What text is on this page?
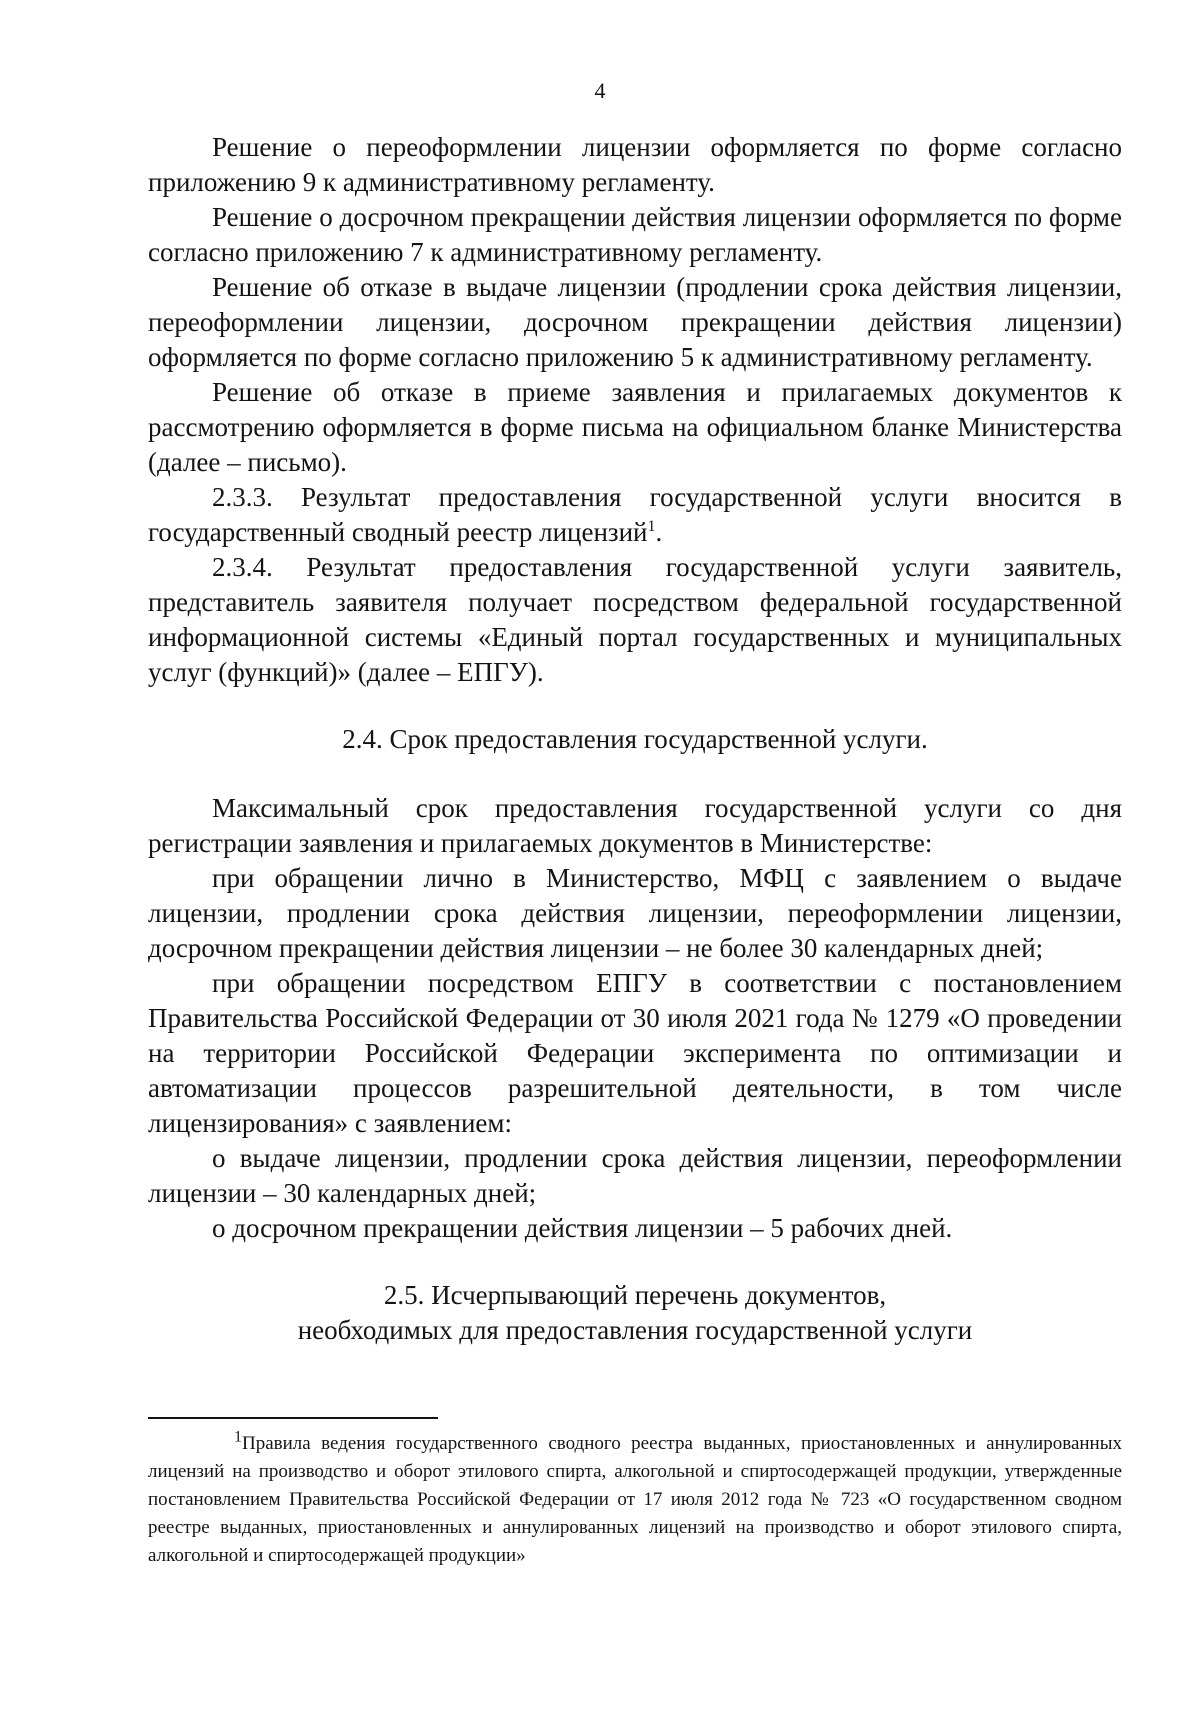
4

Решение о переоформлении лицензии оформляется по форме согласно приложению 9 к административному регламенту.

Решение о досрочном прекращении действия лицензии оформляется по форме согласно приложению 7 к административному регламенту.

Решение об отказе в выдаче лицензии (продлении срока действия лицензии, переоформлении лицензии, досрочном прекращении действия лицензии) оформляется по форме согласно приложению 5 к административному регламенту.

Решение об отказе в приеме заявления и прилагаемых документов к рассмотрению оформляется в форме письма на официальном бланке Министерства (далее – письмо).

2.3.3. Результат предоставления государственной услуги вносится в государственный сводный реестр лицензий$^1$.

2.3.4. Результат предоставления государственной услуги заявитель, представитель заявителя получает посредством федеральной государственной информационной системы «Единый портал государственных и муниципальных услуг (функций)» (далее – ЕПГУ).

2.4. Срок предоставления государственной услуги.

Максимальный срок предоставления государственной услуги со дня регистрации заявления и прилагаемых документов в Министерстве:

при обращении лично в Министерство, МФЦ с заявлением о выдаче лицензии, продлении срока действия лицензии, переоформлении лицензии, досрочном прекращении действия лицензии – не более 30 календарных дней;

при обращении посредством ЕПГУ в соответствии с постановлением Правительства Российской Федерации от 30 июля 2021 года № 1279 «О проведении на территории Российской Федерации эксперимента по оптимизации и автоматизации процессов разрешительной деятельности, в том числе лицензирования» с заявлением:

о выдаче лицензии, продлении срока действия лицензии, переоформлении лицензии – 30 календарных дней;

о досрочном прекращении действия лицензии – 5 рабочих дней.

2.5. Исчерпывающий перечень документов,

необходимых для предоставления государственной услуги

$^1$Правила ведения государственного сводного реестра выданных, приостановленных и аннулированных лицензий на производство и оборот этилового спирта, алкогольной и спиртосодержащей продукции, утвержденные постановлением Правительства Российской Федерации от 17 июля 2012 года № 723 «О государственном сводном реестре выданных, приостановленных и аннулированных лицензий на производство и оборот этилового спирта, алкогольной и спиртосодержащей продукции»
